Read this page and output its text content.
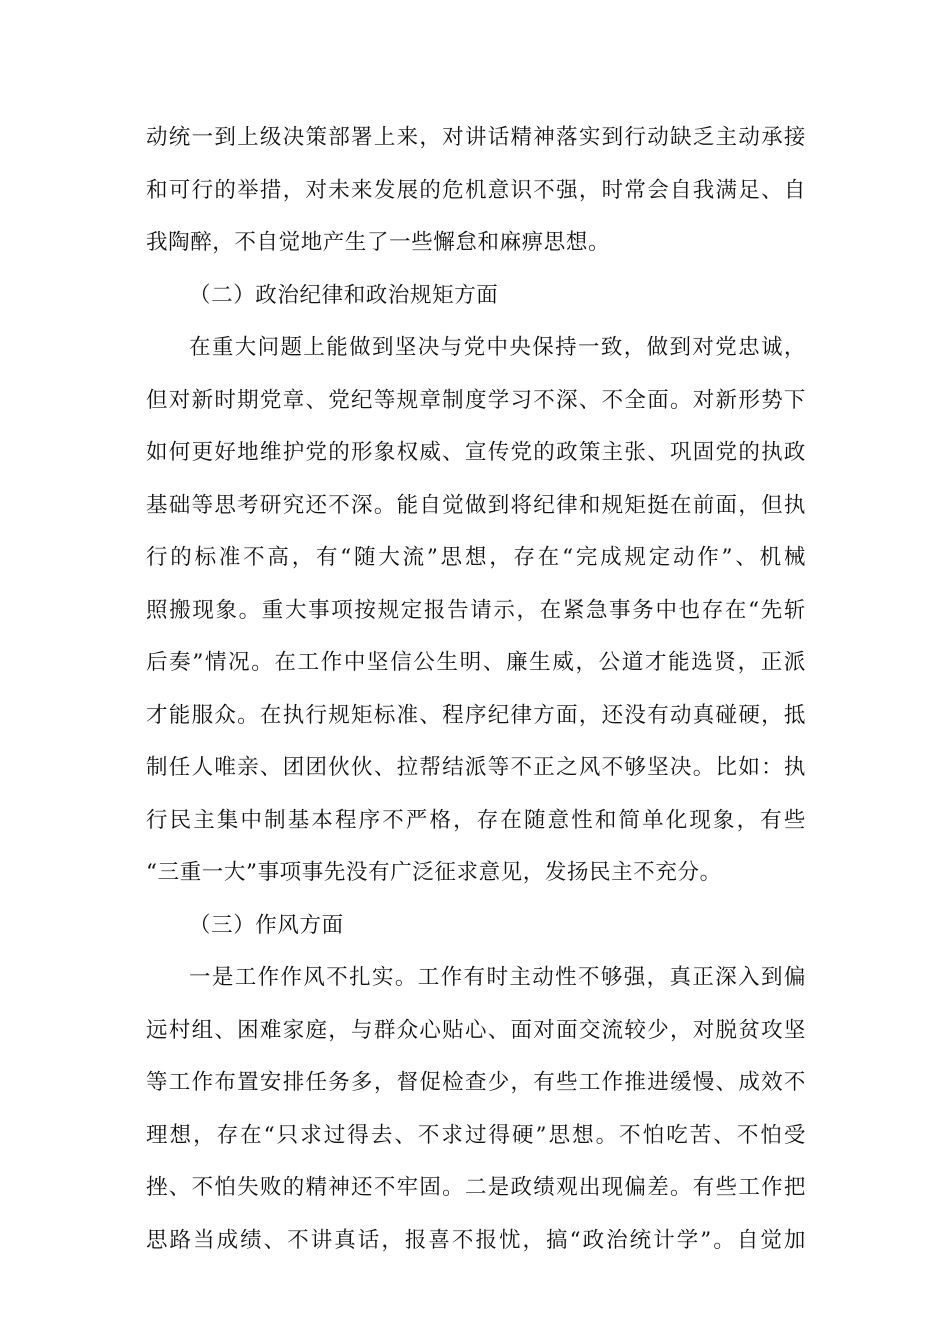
动统一到上级决策部署上来，对讲话精神落实到行动缺乏主动承接
和可行的举措，对未来发展的危机意识不强，时常会自我满足、自
我陶醉，不自觉地产生了一些懈怠和麻痹思想。
（二）政治纪律和政治规矩方面
在重大问题上能做到坚决与党中央保持一致，做到对党忠诚，
但对新时期党章、党纪等规章制度学习不深、不全面。对新形势下
如何更好地维护党的形象权威、宣传党的政策主张、巩固党的执政
基础等思考研究还不深。能自觉做到将纪律和规矩挺在前面，但执
行的标准不高，有“随大流”思想，存在“完成规定动作”、机械
照搬现象。重大事项按规定报告请示，在紧急事务中也存在“先斩
后奏”情况。在工作中坚信公生明、廉生威，公道才能选贤，正派
才能服众。在执行规矩标准、程序纪律方面，还没有动真碰硬，抵
制任人唯亲、团团伙伙、拉帮结派等不正之风不够坚决。比如：执
行民主集中制基本程序不严格，存在随意性和简单化现象，有些
“三重一大”事项事先没有广泛征求意见，发扬民主不充分。
（三）作风方面
一是工作作风不扎实。工作有时主动性不够强，真正深入到偏
远村组、困难家庭，与群众心贴心、面对面交流较少，对脱贫攻坚
等工作布置安排任务多，督促检查少，有些工作推进缓慢、成效不
理想，存在“只求过得去、不求过得硬”思想。不怕吃苦、不怕受
挫、不怕失败的精神还不牢固。二是政绩观出现偏差。有些工作把
思路当成绩、不讲真话，报喜不报忧，搞“政治统计学”。自觉加
